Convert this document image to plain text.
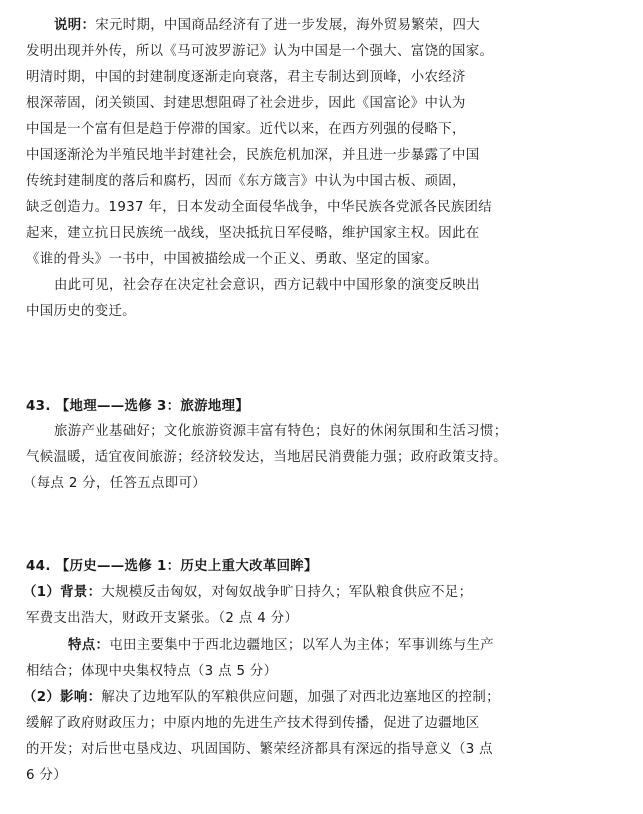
说明：宋元时期，中国商品经济有了进一步发展，海外贸易繁荣，四大
发明出现并外传，所以《马可波罗游记》认为中国是一个强大、富饶的国家。
明清时期，中国的封建制度逐渐走向衰落，君主专制达到顶峰，小农经济
根深蒂固，闭关锁国、封建思想阻碍了社会进步，因此《国富论》中认为
中国是一个富有但是趋于停滞的国家。近代以来，在西方列强的侵略下，
中国逐渐沦为半殖民地半封建社会，民族危机加深，并且进一步暴露了中国
传统封建制度的落后和腐朽，因而《东方箴言》中认为中国古板、顽固，
缺乏创造力。1937 年，日本发动全面侵华战争，中华民族各党派各民族团结
起来，建立抗日民族统一战线，坚决抵抗日军侵略，维护国家主权。因此在
《谁的骨头》一书中，中国被描绘成一个正义、勇敢、坚定的国家。
由此可见，社会存在决定社会意识，西方记载中中国形象的演变反映出
中国历史的变迁。
43. 【地理——选修 3：旅游地理】
旅游产业基础好；文化旅游资源丰富有特色；良好的休闲氛围和生活习惯；
气候温暖，适宜夜间旅游；经济较发达，当地居民消费能力强；政府政策支持。
（每点 2 分，任答五点即可）
44. 【历史——选修 1：历史上重大改革回眸】
（1）背景：大规模反击匈奴，对匈奴战争旷日持久；军队粮食供应不足；
军费支出浩大，财政开支紧张。（2 点 4 分）
特点：屯田主要集中于西北边疆地区；以军人为主体；军事训练与生产
相结合；体现中央集权特点（3 点 5 分）
（2）影响：解决了边地军队的军粮供应问题，加强了对西北边塞地区的控制；
缓解了政府财政压力；中原内地的先进生产技术得到传播，促进了边疆地区
的开发；对后世屯垦戍边、巩固国防、繁荣经济都具有深远的指导意义（3 点
6 分）
